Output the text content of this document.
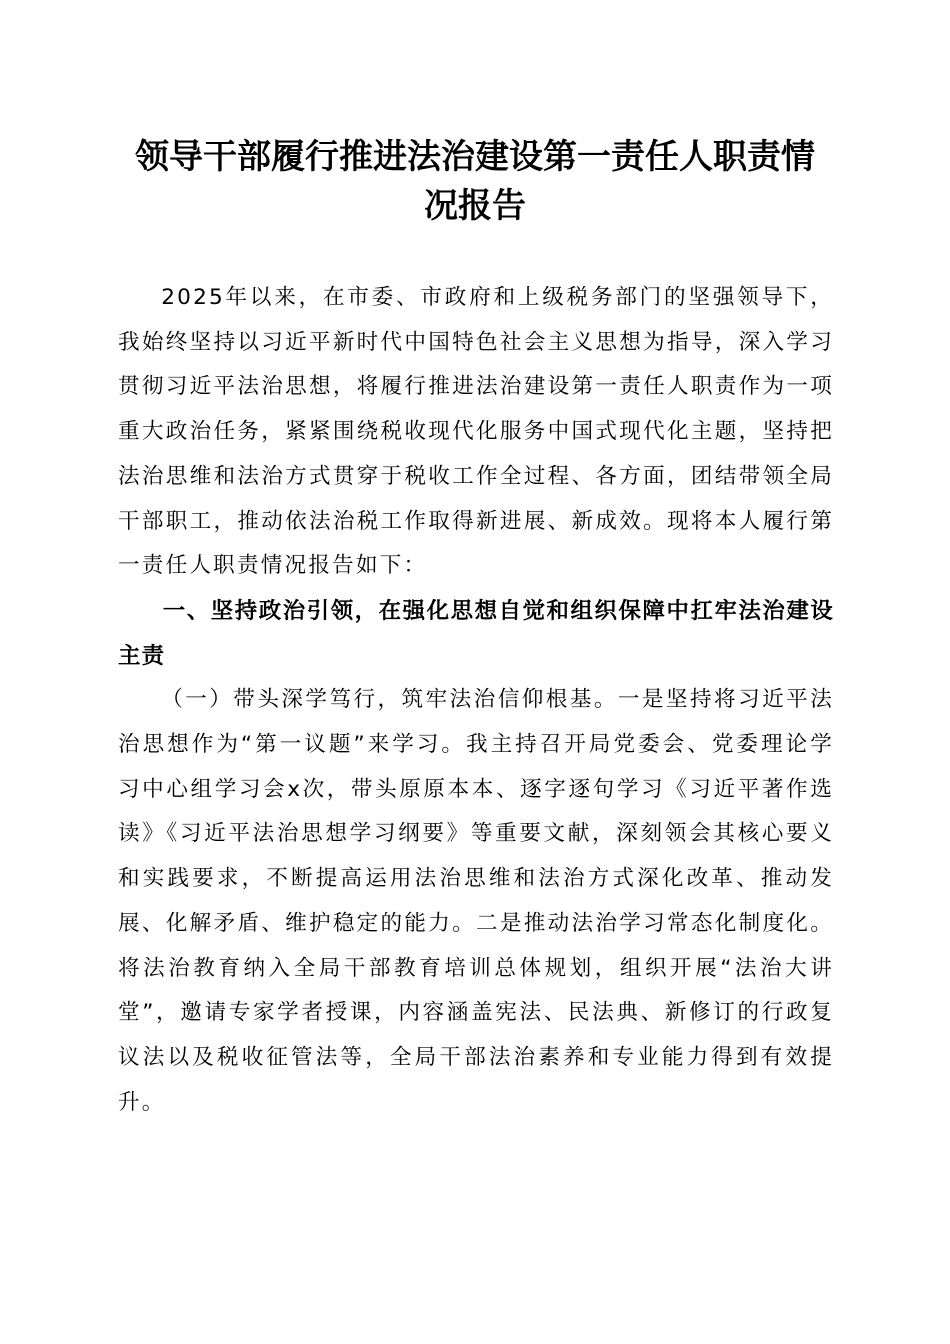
领导干部履行推进法治建设第一责任人职责情
况报告

2025年以来，在市委、市政府和上级税务部门的坚强领导下，我始终坚持以习近平新时代中国特色社会主义思想为指导，深入学习贯彻习近平法治思想，将履行推进法治建设第一责任人职责作为一项重大政治任务，紧紧围绕税收现代化服务中国式现代化主题，坚持把法治思维和法治方式贯穿于税收工作全过程、各方面，团结带领全局干部职工，推动依法治税工作取得新进展、新成效。现将本人履行第一责任人职责情况报告如下：

一、坚持政治引领，在强化思想自觉和组织保障中扛牢法治建设主责

（一）带头深学笃行，筑牢法治信仰根基。一是坚持将习近平法治思想作为“第一议题”来学习。我主持召开局党委会、党委理论学习中心组学习会x次，带头原原本本、逐字逐句学习《习近平著作选读》《习近平法治思想学习纲要》等重要文献，深刻领会其核心要义和实践要求，不断提高运用法治思维和法治方式深化改革、推动发展、化解矛盾、维护稳定的能力。二是推动法治学习常态化制度化。将法治教育纳入全局干部教育培训总体规划，组织开展“法治大讲堂”，邀请专家学者授课，内容涵盖宪法、民法典、新修订的行政复议法以及税收征管法等，全局干部法治素养和专业能力得到有效提升。
